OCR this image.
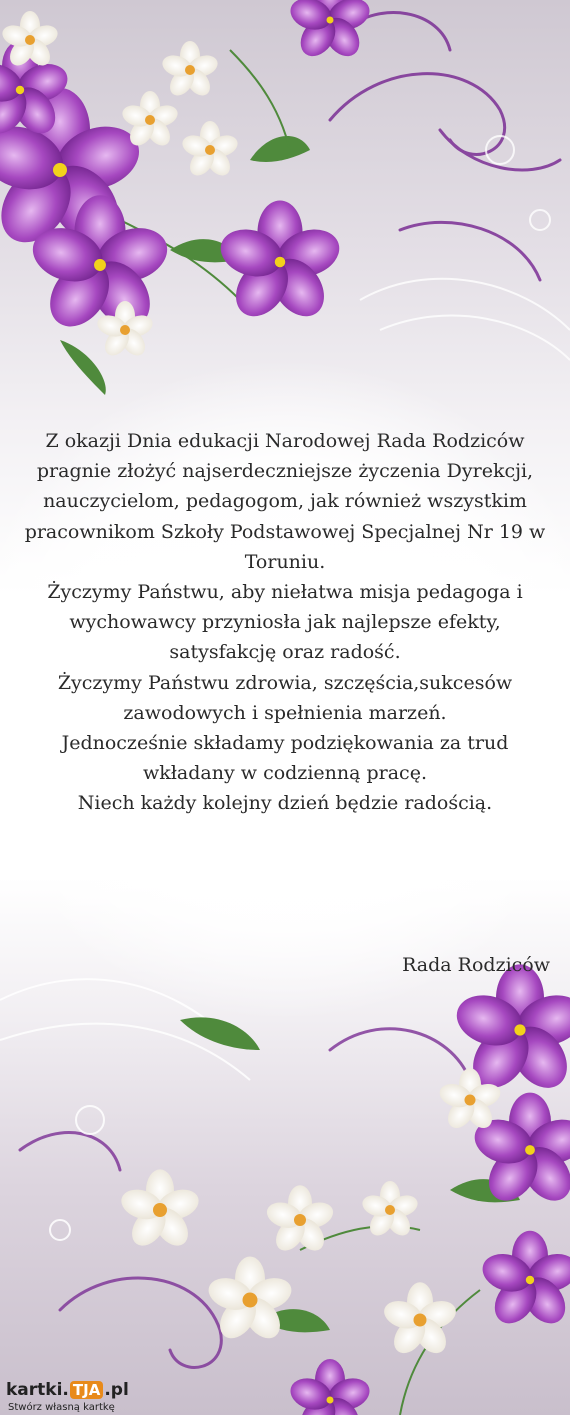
Z okazji Dnia edukacji Narodowej Rada Rodziców
pragnie złożyć najserdeczniejsze życzenia Dyrekcji,
nauczycielom, pedagogom, jak również wszystkim
pracownikom Szkoły Podstawowej Specjalnej Nr 19 w
Toruniu.
Życzymy Państwu, aby niełatwa misja pedagoga i
wychowawcy przyniosła jak najlepsze efekty,
satysfakcję oraz radość.
Życzymy Państwu zdrowia, szczęścia,sukcesów
zawodowych i spełnienia marzeń.
Jednocześnie składamy podziękowania za trud
wkładany w codzienną pracę.
Niech każdy kolejny dzień będzie radością.
Rada Rodziców
kartki. TJA .pl
Stwórz własną kartkę
